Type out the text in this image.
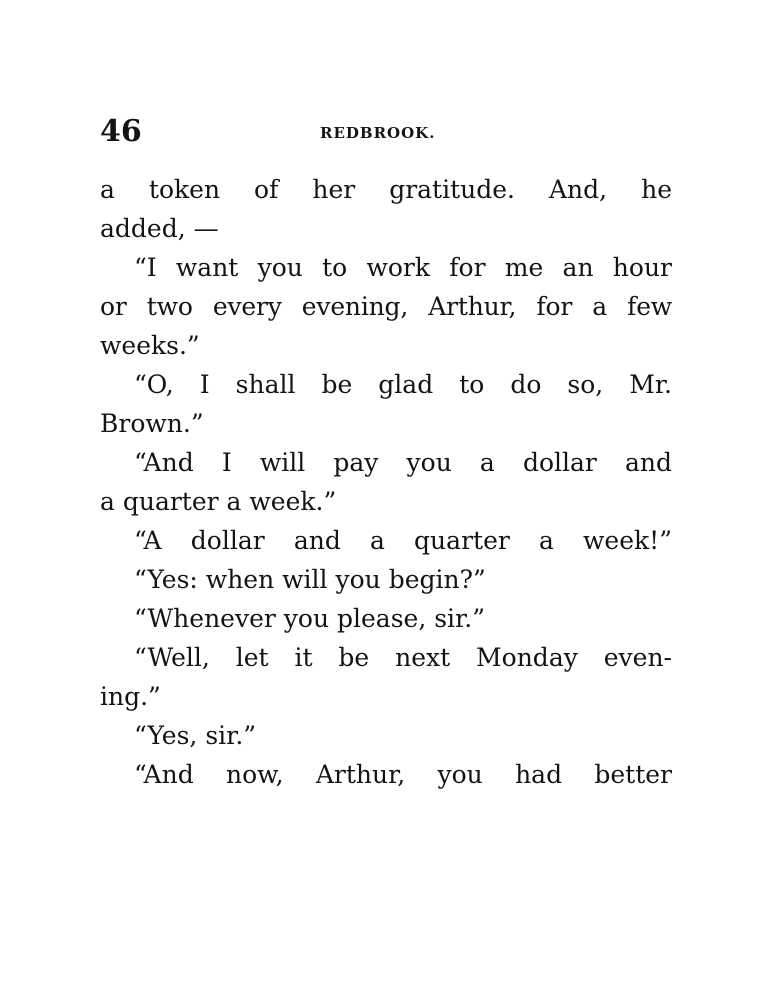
46	REDBROOK.
a token of her gratitude. And, he
added, —
“I want you to work for me an hour
or two every evening, Arthur, for a few
weeks.”
“O, I shall be glad to do so, Mr.
Brown.”
“And I will pay you a dollar and
a quarter a week.”
“A dollar and a quarter a week!”
“Yes: when will you begin?”
“Whenever you please, sir.”
“Well, let it be next Monday even-
ing.”
“Yes, sir.”
“And now, Arthur, you had better
